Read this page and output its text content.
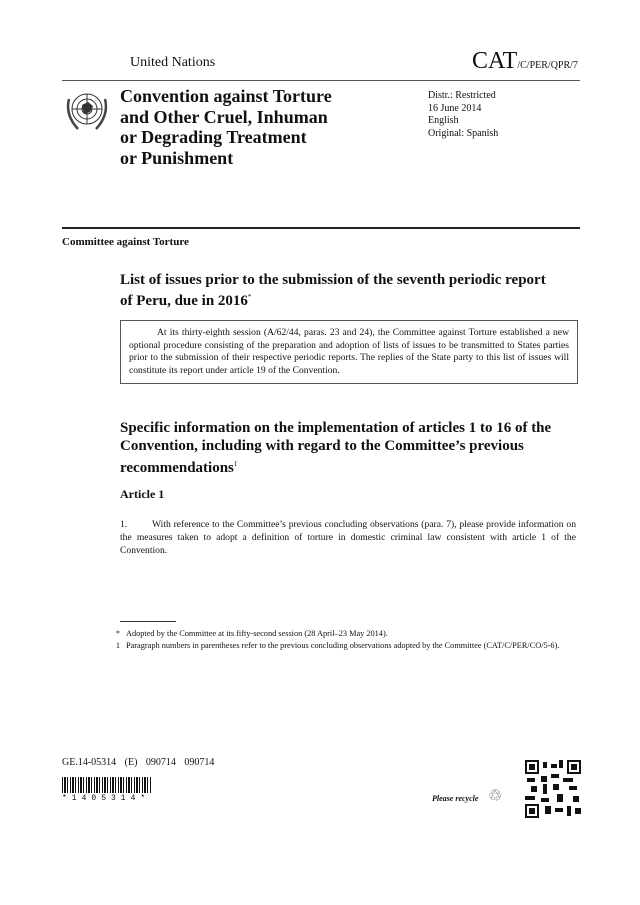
United Nations	CAT/C/PER/QPR/7
Convention against Torture
and Other Cruel, Inhuman
or Degrading Treatment
or Punishment
Distr.: Restricted
16 June 2014
English
Original: Spanish
Committee against Torture
List of issues prior to the submission of the seventh periodic report of Peru, due in 2016*
At its thirty-eighth session (A/62/44, paras. 23 and 24), the Committee against Torture established a new optional procedure consisting of the preparation and adoption of lists of issues to be transmitted to States parties prior to the submission of their respective periodic reports. The replies of the State party to this list of issues will constitute its report under article 19 of the Convention.
Specific information on the implementation of articles 1 to 16 of the Convention, including with regard to the Committee’s previous recommendations$^1$
Article 1
1.	With reference to the Committee’s previous concluding observations (para. 7), please provide information on the measures taken to adopt a definition of torture in domestic criminal law consistent with article 1 of the Convention.
* Adopted by the Committee at its fifty-second session (28 April–23 May 2014).
1 Paragraph numbers in parentheses refer to the previous concluding observations adopted by the Committee (CAT/C/PER/CO/5-6).
GE.14-05314 (E) 090714 090714
*1405314*	Please recycle ♲
